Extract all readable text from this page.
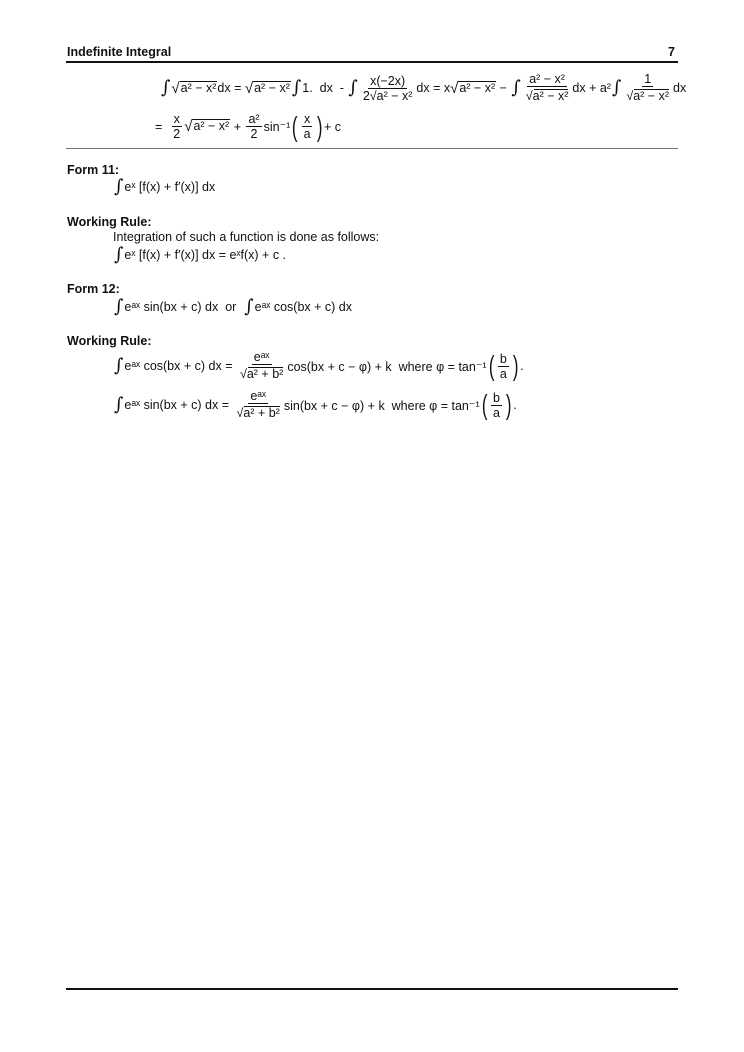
Indefinite Integral	7
∫ √ a² − x² dx = √ a² − x² ∫ 1.  dx  - ∫ $\frac{x(-2x)}{\text{2√a² − x²}}$ dx = x √ a² − x² − ∫ $\frac{\text{a² − x²}}{\text{√a² − x²}}$ dx + a² ∫ $\frac{1}{\text{√a² − x²}}$ dx
= $\frac{x}{2}$ √ $a^2 - x^2 + \frac{\text{a²}}{2} \sin^{-1}$ ( $\frac{x}{a}$ ) + c
Form 11:
∫ eˣ [f(x) + f′(x)] dx
Working Rule:
Integration of such a function is done as follows:
∫ eˣ [f(x) + f′(x)] dx = eˣf(x) + c .
Form 12:
∫ eᵃˣ sin(bx + c) dx  or ∫ eᵃˣ cos(bx + c) dx
Working Rule:
∫ eᵃˣ cos(bx + c) dx = $\frac{\text{eᵃˣ}}{\text{√a² + b²}} \cos(bx + c - \varphi) + k$  where φ = tan⁻¹ ( $\frac{b}{a}$ ) .
∫ eᵃˣ sin(bx + c) dx = $\frac{\text{eᵃˣ}}{\text{√a² + b²}} \sin(bx + c - \varphi) + k$  where φ = tan⁻¹ ( $\frac{b}{a}$ ) .
